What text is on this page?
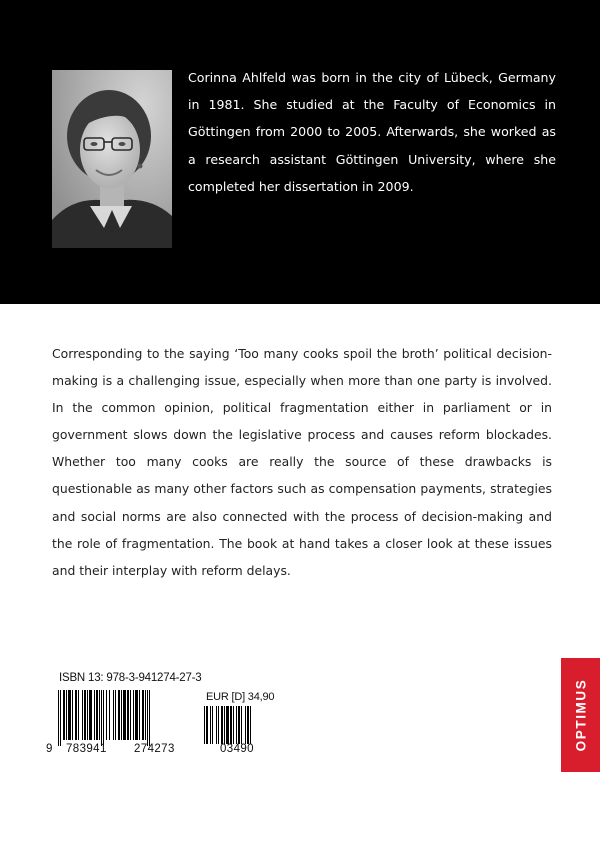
Corinna Ahlfeld was born in the city of Lübeck, Germany in 1981. She studied at the Faculty of Economics in Göttingen from 2000 to 2005. Afterwards, she worked as a research assistant Göttingen University, where she completed her dissertation in 2009.

Corresponding to the saying ‘Too many cooks spoil the broth’ political decision-making is a challenging issue, especially when more than one party is involved. In the common opinion, political fragmentation either in parliament or in government slows down the legislative process and causes reform blockades. Whether too many cooks are really the source of these drawbacks is questionable as many other factors such as compensation payments, strategies and social norms are also connected with the process of decision-making and the role of fragmentation. The book at hand takes a closer look at these issues and their interplay with reform delays.

ISBN 13: 978-3-941274-27-3
EUR [D] 34,90
9 783941 274273	03490	OPTIMUS
